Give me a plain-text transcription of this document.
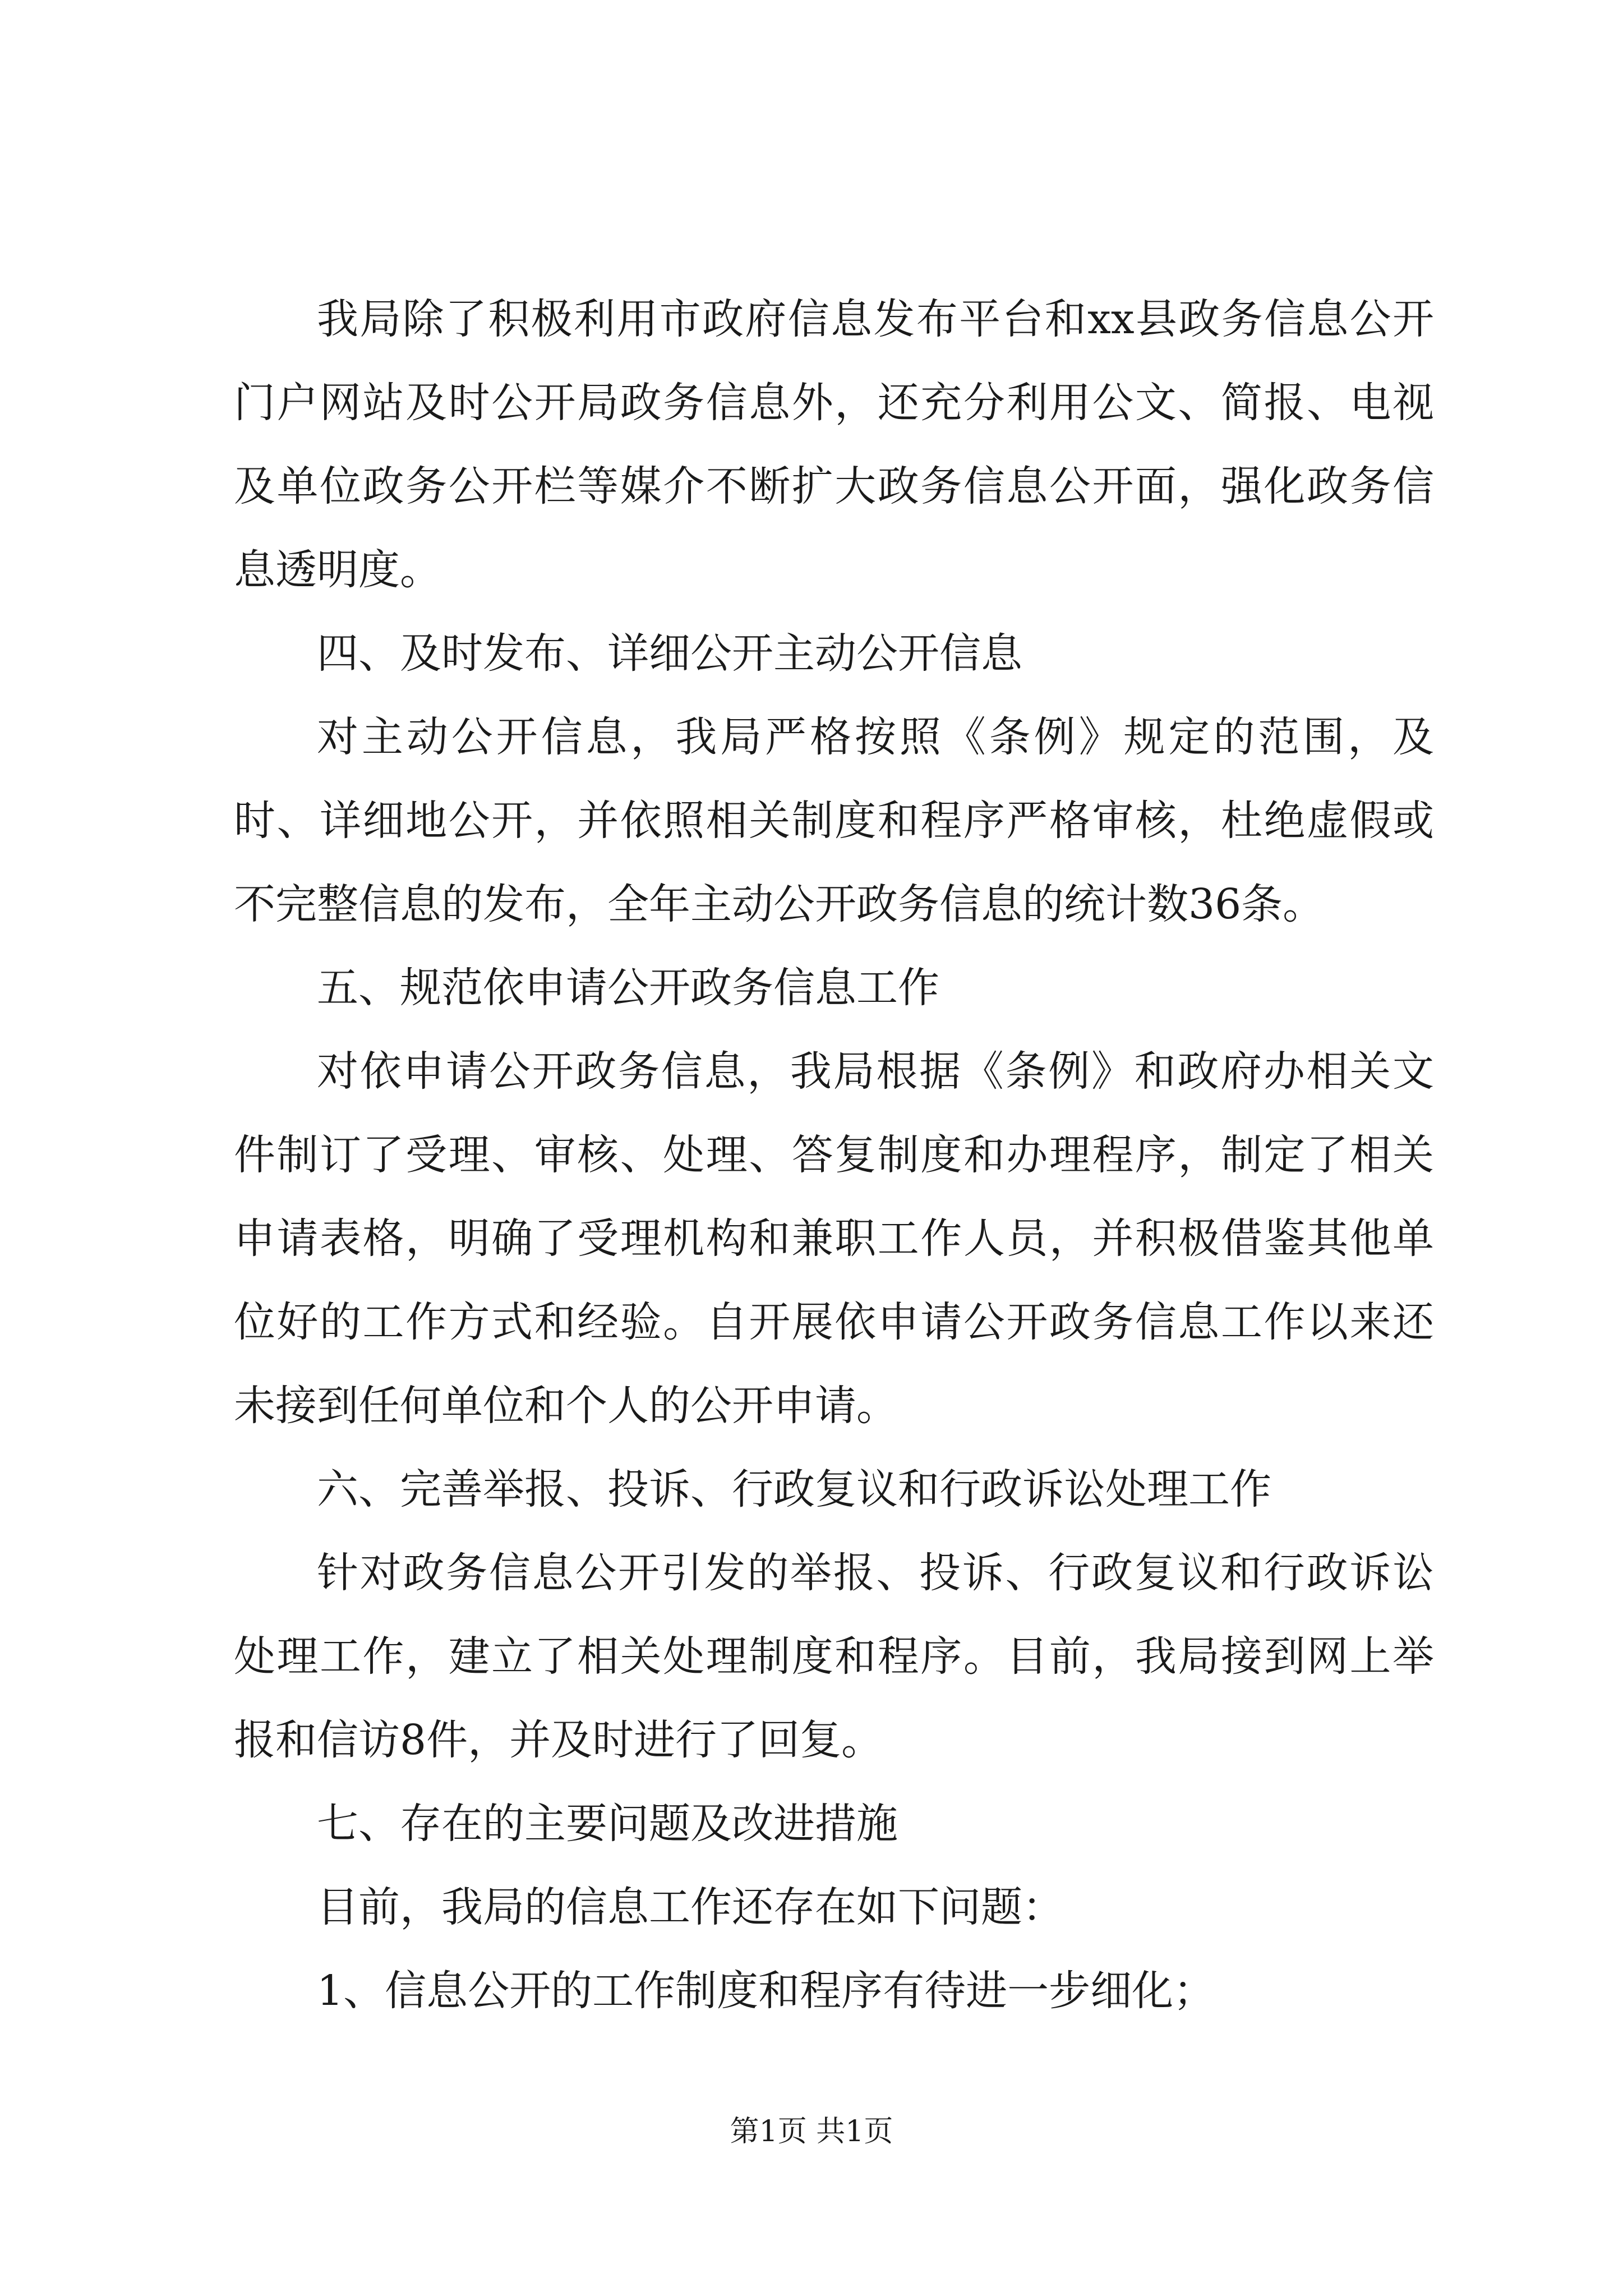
我局除了积极利用市政府信息发布平台和xx县政务信息公开门户网站及时公开局政务信息外，还充分利用公文、简报、电视及单位政务公开栏等媒介不断扩大政务信息公开面，强化政务信息透明度。

四、及时发布、详细公开主动公开信息

对主动公开信息，我局严格按照《条例》规定的范围，及时、详细地公开，并依照相关制度和程序严格审核，杜绝虚假或不完整信息的发布，全年主动公开政务信息的统计数36条。

五、规范依申请公开政务信息工作

对依申请公开政务信息，我局根据《条例》和政府办相关文件制订了受理、审核、处理、答复制度和办理程序，制定了相关申请表格，明确了受理机构和兼职工作人员，并积极借鉴其他单位好的工作方式和经验。自开展依申请公开政务信息工作以来还未接到任何单位和个人的公开申请。

六、完善举报、投诉、行政复议和行政诉讼处理工作

针对政务信息公开引发的举报、投诉、行政复议和行政诉讼处理工作，建立了相关处理制度和程序。目前，我局接到网上举报和信访8件，并及时进行了回复。

七、存在的主要问题及改进措施

目前，我局的信息工作还存在如下问题：

1、信息公开的工作制度和程序有待进一步细化；

第1页 共1页
